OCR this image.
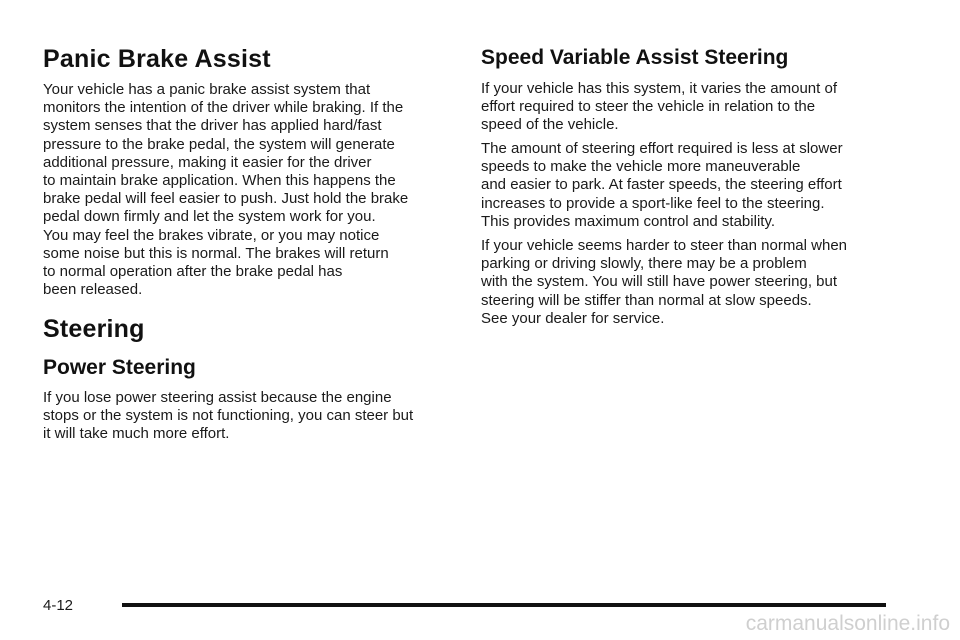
Panic Brake Assist

Your vehicle has a panic brake assist system that
monitors the intention of the driver while braking. If the
system senses that the driver has applied hard/fast
pressure to the brake pedal, the system will generate
additional pressure, making it easier for the driver
to maintain brake application. When this happens the
brake pedal will feel easier to push. Just hold the brake
pedal down firmly and let the system work for you.
You may feel the brakes vibrate, or you may notice
some noise but this is normal. The brakes will return
to normal operation after the brake pedal has
been released.

Steering
Power Steering

If you lose power steering assist because the engine
stops or the system is not functioning, you can steer but
it will take much more effort.

Speed Variable Assist Steering

If your vehicle has this system, it varies the amount of
effort required to steer the vehicle in relation to the
speed of the vehicle.

The amount of steering effort required is less at slower
speeds to make the vehicle more maneuverable
and easier to park. At faster speeds, the steering effort
increases to provide a sport-like feel to the steering.
This provides maximum control and stability.

If your vehicle seems harder to steer than normal when
parking or driving slowly, there may be a problem
with the system. You will still have power steering, but
steering will be stiffer than normal at slow speeds.
See your dealer for service.

4-12
carmanualsonline.info
